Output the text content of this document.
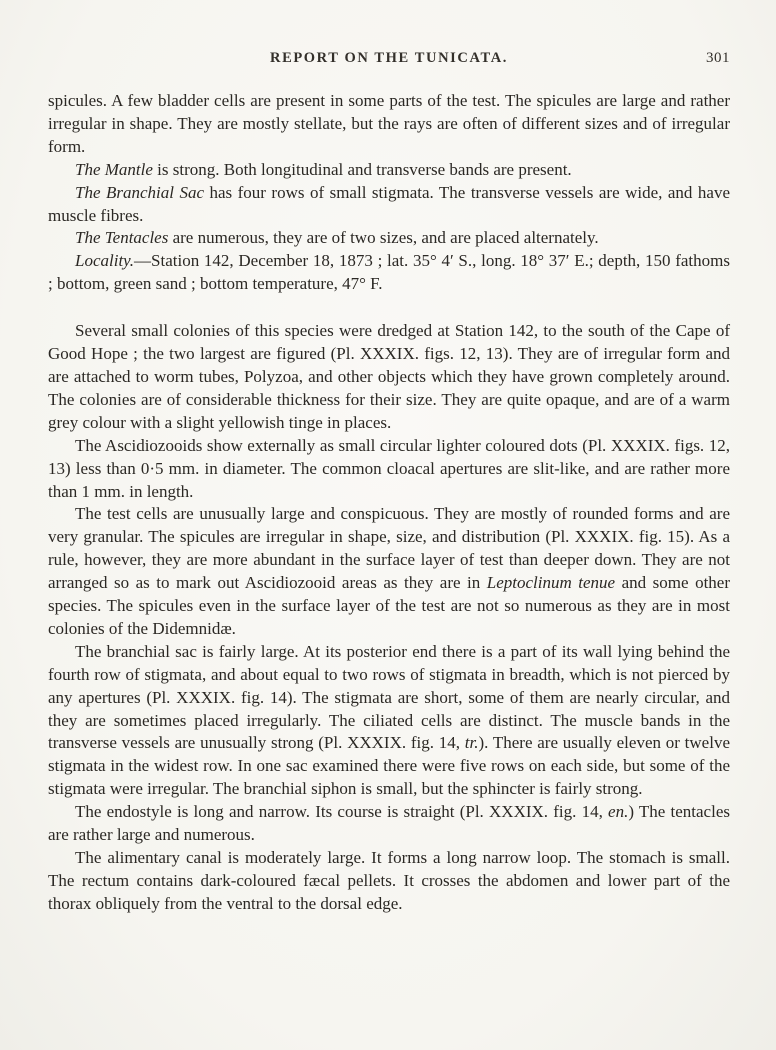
REPORT ON THE TUNICATA.	301

spicules. A few bladder cells are present in some parts of the test. The spicules are large and rather irregular in shape. They are mostly stellate, but the rays are often of different sizes and of irregular form.

The Mantle is strong. Both longitudinal and transverse bands are present.

The Branchial Sac has four rows of small stigmata. The transverse vessels are wide, and have muscle fibres.

The Tentacles are numerous, they are of two sizes, and are placed alternately.

Locality.—Station 142, December 18, 1873 ; lat. 35° 4′ S., long. 18° 37′ E.; depth, 150 fathoms ; bottom, green sand ; bottom temperature, 47° F.

Several small colonies of this species were dredged at Station 142, to the south of the Cape of Good Hope ; the two largest are figured (Pl. XXXIX. figs. 12, 13). They are of irregular form and are attached to worm tubes, Polyzoa, and other objects which they have grown completely around. The colonies are of considerable thickness for their size. They are quite opaque, and are of a warm grey colour with a slight yellowish tinge in places.

The Ascidiozooids show externally as small circular lighter coloured dots (Pl. XXXIX. figs. 12, 13) less than 0·5 mm. in diameter. The common cloacal apertures are slit-like, and are rather more than 1 mm. in length.

The test cells are unusually large and conspicuous. They are mostly of rounded forms and are very granular. The spicules are irregular in shape, size, and distribution (Pl. XXXIX. fig. 15). As a rule, however, they are more abundant in the surface layer of test than deeper down. They are not arranged so as to mark out Ascidiozooid areas as they are in Leptoclinum tenue and some other species. The spicules even in the surface layer of the test are not so numerous as they are in most colonies of the Didemnidæ.

The branchial sac is fairly large. At its posterior end there is a part of its wall lying behind the fourth row of stigmata, and about equal to two rows of stigmata in breadth, which is not pierced by any apertures (Pl. XXXIX. fig. 14). The stigmata are short, some of them are nearly circular, and they are sometimes placed irregularly. The ciliated cells are distinct. The muscle bands in the transverse vessels are unusually strong (Pl. XXXIX. fig. 14, tr.). There are usually eleven or twelve stigmata in the widest row. In one sac examined there were five rows on each side, but some of the stigmata were irregular. The branchial siphon is small, but the sphincter is fairly strong.

The endostyle is long and narrow. Its course is straight (Pl. XXXIX. fig. 14, en.) The tentacles are rather large and numerous.

The alimentary canal is moderately large. It forms a long narrow loop. The stomach is small. The rectum contains dark-coloured fæcal pellets. It crosses the abdomen and lower part of the thorax obliquely from the ventral to the dorsal edge.
